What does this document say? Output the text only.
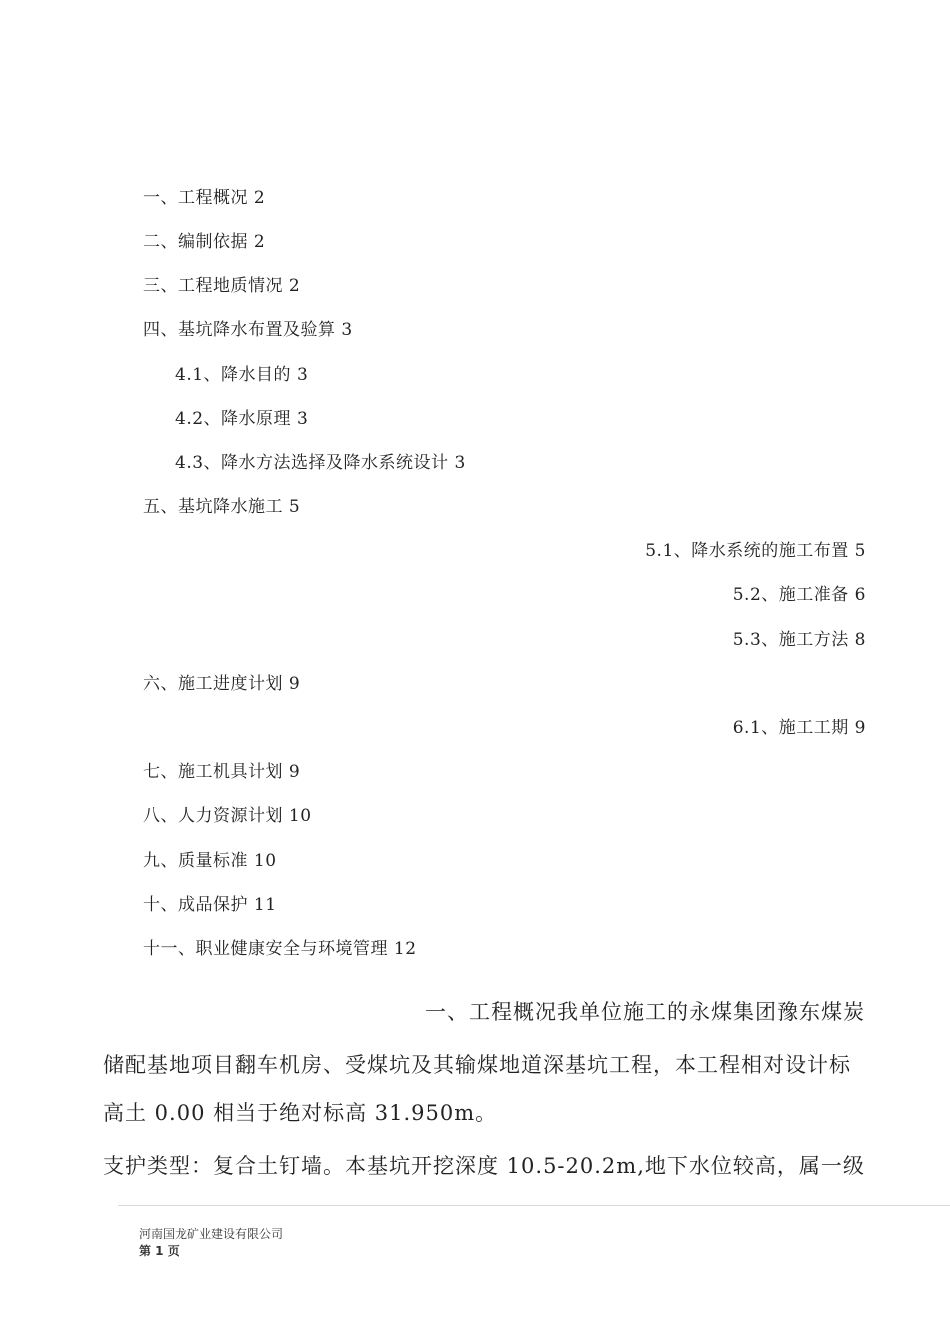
一、工程概况 2
二、编制依据 2
三、工程地质情况 2
四、基坑降水布置及验算 3
4.1、降水目的 3
4.2、降水原理 3
4.3、降水方法选择及降水系统设计 3
五、基坑降水施工 5
5.1、降水系统的施工布置 5
5.2、施工准备 6
5.3、施工方法 8
六、施工进度计划 9
6.1、施工工期 9
七、施工机具计划 9
八、人力资源计划 10
九、质量标准 10
十、成品保护 11
十一、职业健康安全与环境管理 12
一、工程概况我单位施工的永煤集团豫东煤炭
储配基地项目翻车机房、受煤坑及其输煤地道深基坑工程，本工程相对设计标
高土 0.00 相当于绝对标高 31.950m。
支护类型：复合土钉墙。本基坑开挖深度 10.5-20.2m,地下水位较高，属一级
河南国龙矿业建设有限公司
第 1 页
